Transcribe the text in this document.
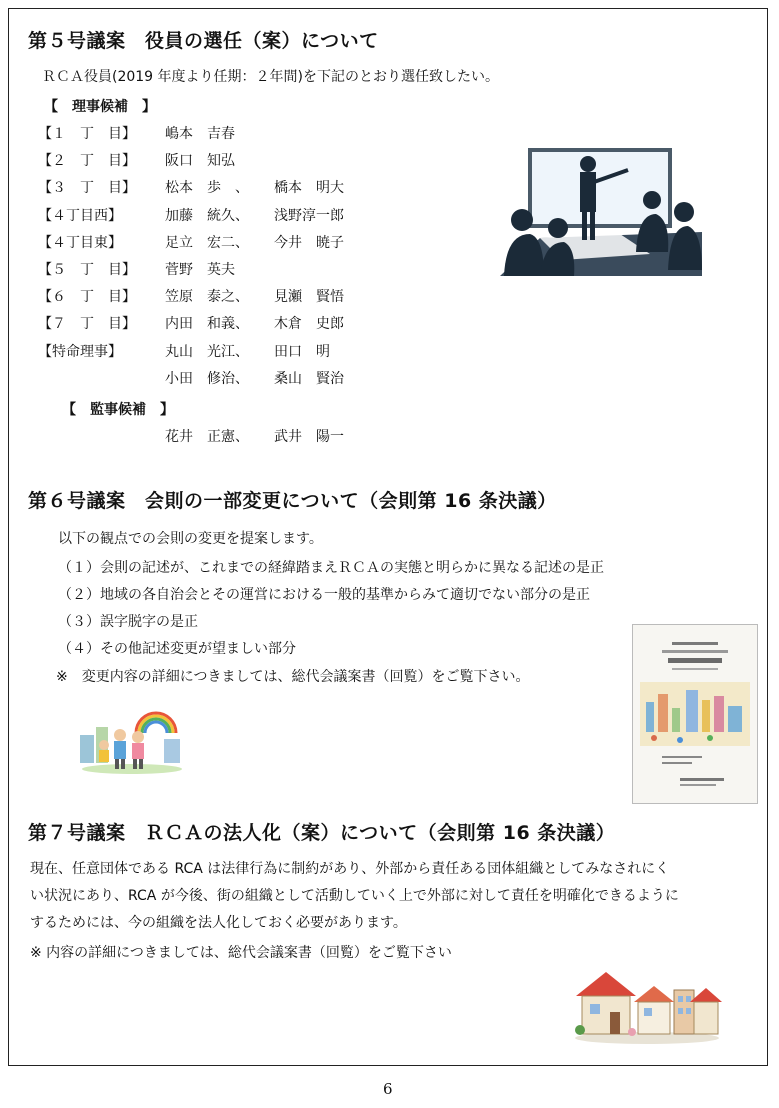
第５号議案　役員の選任（案）について
ＲＣＡ役員(2019 年度より任期：２年間)を下記のとおり選任致したい。
【　理事候補　】
【１　丁　目】 嶋本　吉春
【２　丁　目】 阪口　知弘
【３　丁　目】 松本　歩　、 橋本　明大
【４丁目西】	加藤　統久、 浅野淳一郎
【４丁目東】	足立　宏二、 今井　暁子
【５　丁　目】 菅野　英夫
【６　丁　目】 笠原　泰之、 見瀬　賢悟
【７　丁　目】 内田　和義、 木倉　史郎
【特命理事】	丸山　光江、 田口　明
小田　修治、 桑山　賢治
【　監事候補　】
花井　正憲、 武井　陽一
第６号議案　会則の一部変更について（会則第 16 条決議）
以下の観点での会則の変更を提案します。
（１）会則の記述が、これまでの経緯踏まえＲＣＡの実態と明らかに異なる記述の是正
（２）地域の各自治会とその運営における一般的基準からみて適切でない部分の是正
（３）誤字脱字の是正
（４）その他記述変更が望ましい部分
※　変更内容の詳細につきましては、総代会議案書（回覧）をご覧下さい。
第７号議案　ＲＣＡの法人化（案）について（会則第 16 条決議）
現在、任意団体である RCA は法律行為に制約があり、外部から責任ある団体組織としてみなされにく
い状況にあり、RCA が今後、街の組織として活動していく上で外部に対して責任を明確化できるように
するためには、今の組織を法人化しておく必要があります。
※ 内容の詳細につきましては、総代会議案書（回覧）をご覧下さい
6
